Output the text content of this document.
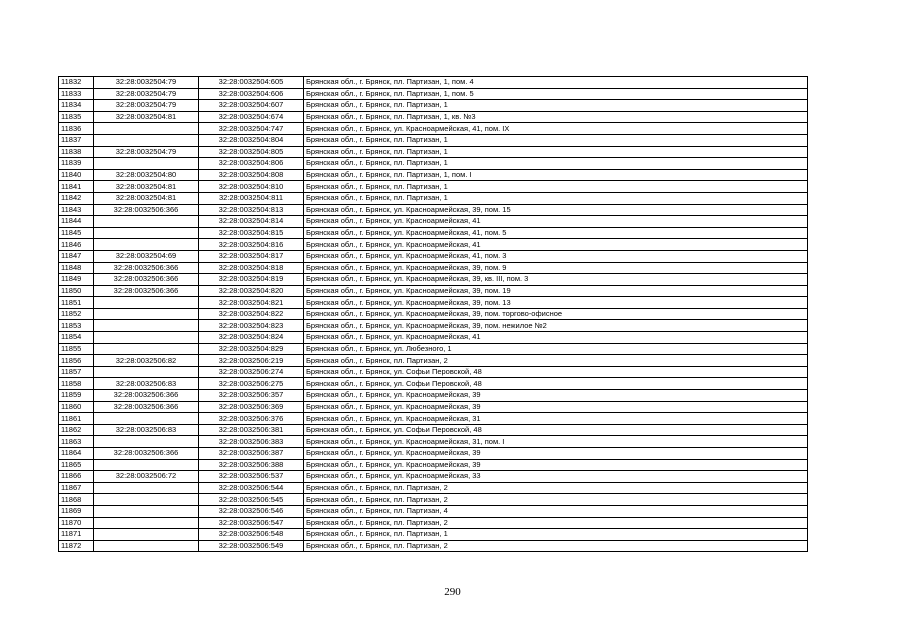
11832	32:28:0032504:79	32:28:0032504:605	Брянская обл., г. Брянск, пл. Партизан, 1, пом. 4
11833	32:28:0032504:79	32:28:0032504:606	Брянская обл., г. Брянск, пл. Партизан, 1, пом. 5
11834	32:28:0032504:79	32:28:0032504:607	Брянская обл., г. Брянск, пл. Партизан, 1
11835	32:28:0032504:81	32:28:0032504:674	Брянская обл., г. Брянск, пл. Партизан, 1, кв. №3
11836		32:28:0032504:747	Брянская обл., г. Брянск, ул. Красноармейская, 41, пом. IX
11837		32:28:0032504:804	Брянская обл., г. Брянск, пл. Партизан, 1
11838	32:28:0032504:79	32:28:0032504:805	Брянская обл., г. Брянск, пл. Партизан, 1
11839		32:28:0032504:806	Брянская обл., г. Брянск, пл. Партизан, 1
11840	32:28:0032504:80	32:28:0032504:808	Брянская обл., г. Брянск, пл. Партизан, 1, пом. I
11841	32:28:0032504:81	32:28:0032504:810	Брянская обл., г. Брянск, пл. Партизан, 1
11842	32:28:0032504:81	32:28:0032504:811	Брянская обл., г. Брянск, пл. Партизан, 1
11843	32:28:0032506:366	32:28:0032504:813	Брянская обл., г. Брянск, ул. Красноармейская, 39, пом. 15
11844		32:28:0032504:814	Брянская обл., г. Брянск, ул. Красноармейская, 41
11845		32:28:0032504:815	Брянская обл., г. Брянск, ул. Красноармейская, 41, пом. 5
11846		32:28:0032504:816	Брянская обл., г. Брянск, ул. Красноармейская, 41
11847	32:28:0032504:69	32:28:0032504:817	Брянская обл., г. Брянск, ул. Красноармейская, 41, пом. 3
11848	32:28:0032506:366	32:28:0032504:818	Брянская обл., г. Брянск, ул. Красноармейская, 39, пом. 9
11849	32:28:0032506:366	32:28:0032504:819	Брянская обл., г. Брянск, ул. Красноармейская, 39, кв. III, пом. 3
11850	32:28:0032506:366	32:28:0032504:820	Брянская обл., г. Брянск, ул. Красноармейская, 39, пом. 19
11851		32:28:0032504:821	Брянская обл., г. Брянск, ул. Красноармейская, 39, пом. 13
11852		32:28:0032504:822	Брянская обл., г. Брянск, ул. Красноармейская, 39, пом. торгово-офисное
11853		32:28:0032504:823	Брянская обл., г. Брянск, ул. Красноармейская, 39, пом. нежилое №2
11854		32:28:0032504:824	Брянская обл., г. Брянск, ул. Красноармейская, 41
11855		32:28:0032504:829	Брянская обл., г. Брянск, ул. Любезного, 1
11856	32:28:0032506:82	32:28:0032506:219	Брянская обл., г. Брянск, пл. Партизан, 2
11857		32:28:0032506:274	Брянская обл., г. Брянск, ул. Софьи Перовской, 48
11858	32:28:0032506:83	32:28:0032506:275	Брянская обл., г. Брянск, ул. Софьи Перовской, 48
11859	32:28:0032506:366	32:28:0032506:357	Брянская обл., г. Брянск, ул. Красноармейская, 39
11860	32:28:0032506:366	32:28:0032506:369	Брянская обл., г. Брянск, ул. Красноармейская, 39
11861		32:28:0032506:376	Брянская обл., г. Брянск, ул. Красноармейская, 31
11862	32:28:0032506:83	32:28:0032506:381	Брянская обл., г. Брянск, ул. Софьи Перовской, 48
11863		32:28:0032506:383	Брянская обл., г. Брянск, ул. Красноармейская, 31, пом. I
11864	32:28:0032506:366	32:28:0032506:387	Брянская обл., г. Брянск, ул. Красноармейская, 39
11865		32:28:0032506:388	Брянская обл., г. Брянск, ул. Красноармейская, 39
11866	32:28:0032506:72	32:28:0032506:537	Брянская обл., г. Брянск, ул. Красноармейская, 33
11867		32:28:0032506:544	Брянская обл., г. Брянск, пл. Партизан, 2
11868		32:28:0032506:545	Брянская обл., г. Брянск, пл. Партизан, 2
11869		32:28:0032506:546	Брянская обл., г. Брянск, пл. Партизан, 4
11870		32:28:0032506:547	Брянская обл., г. Брянск, пл. Партизан, 2
11871		32:28:0032506:548	Брянская обл., г. Брянск, пл. Партизан, 1
11872		32:28:0032506:549	Брянская обл., г. Брянск, пл. Партизан, 2
290
